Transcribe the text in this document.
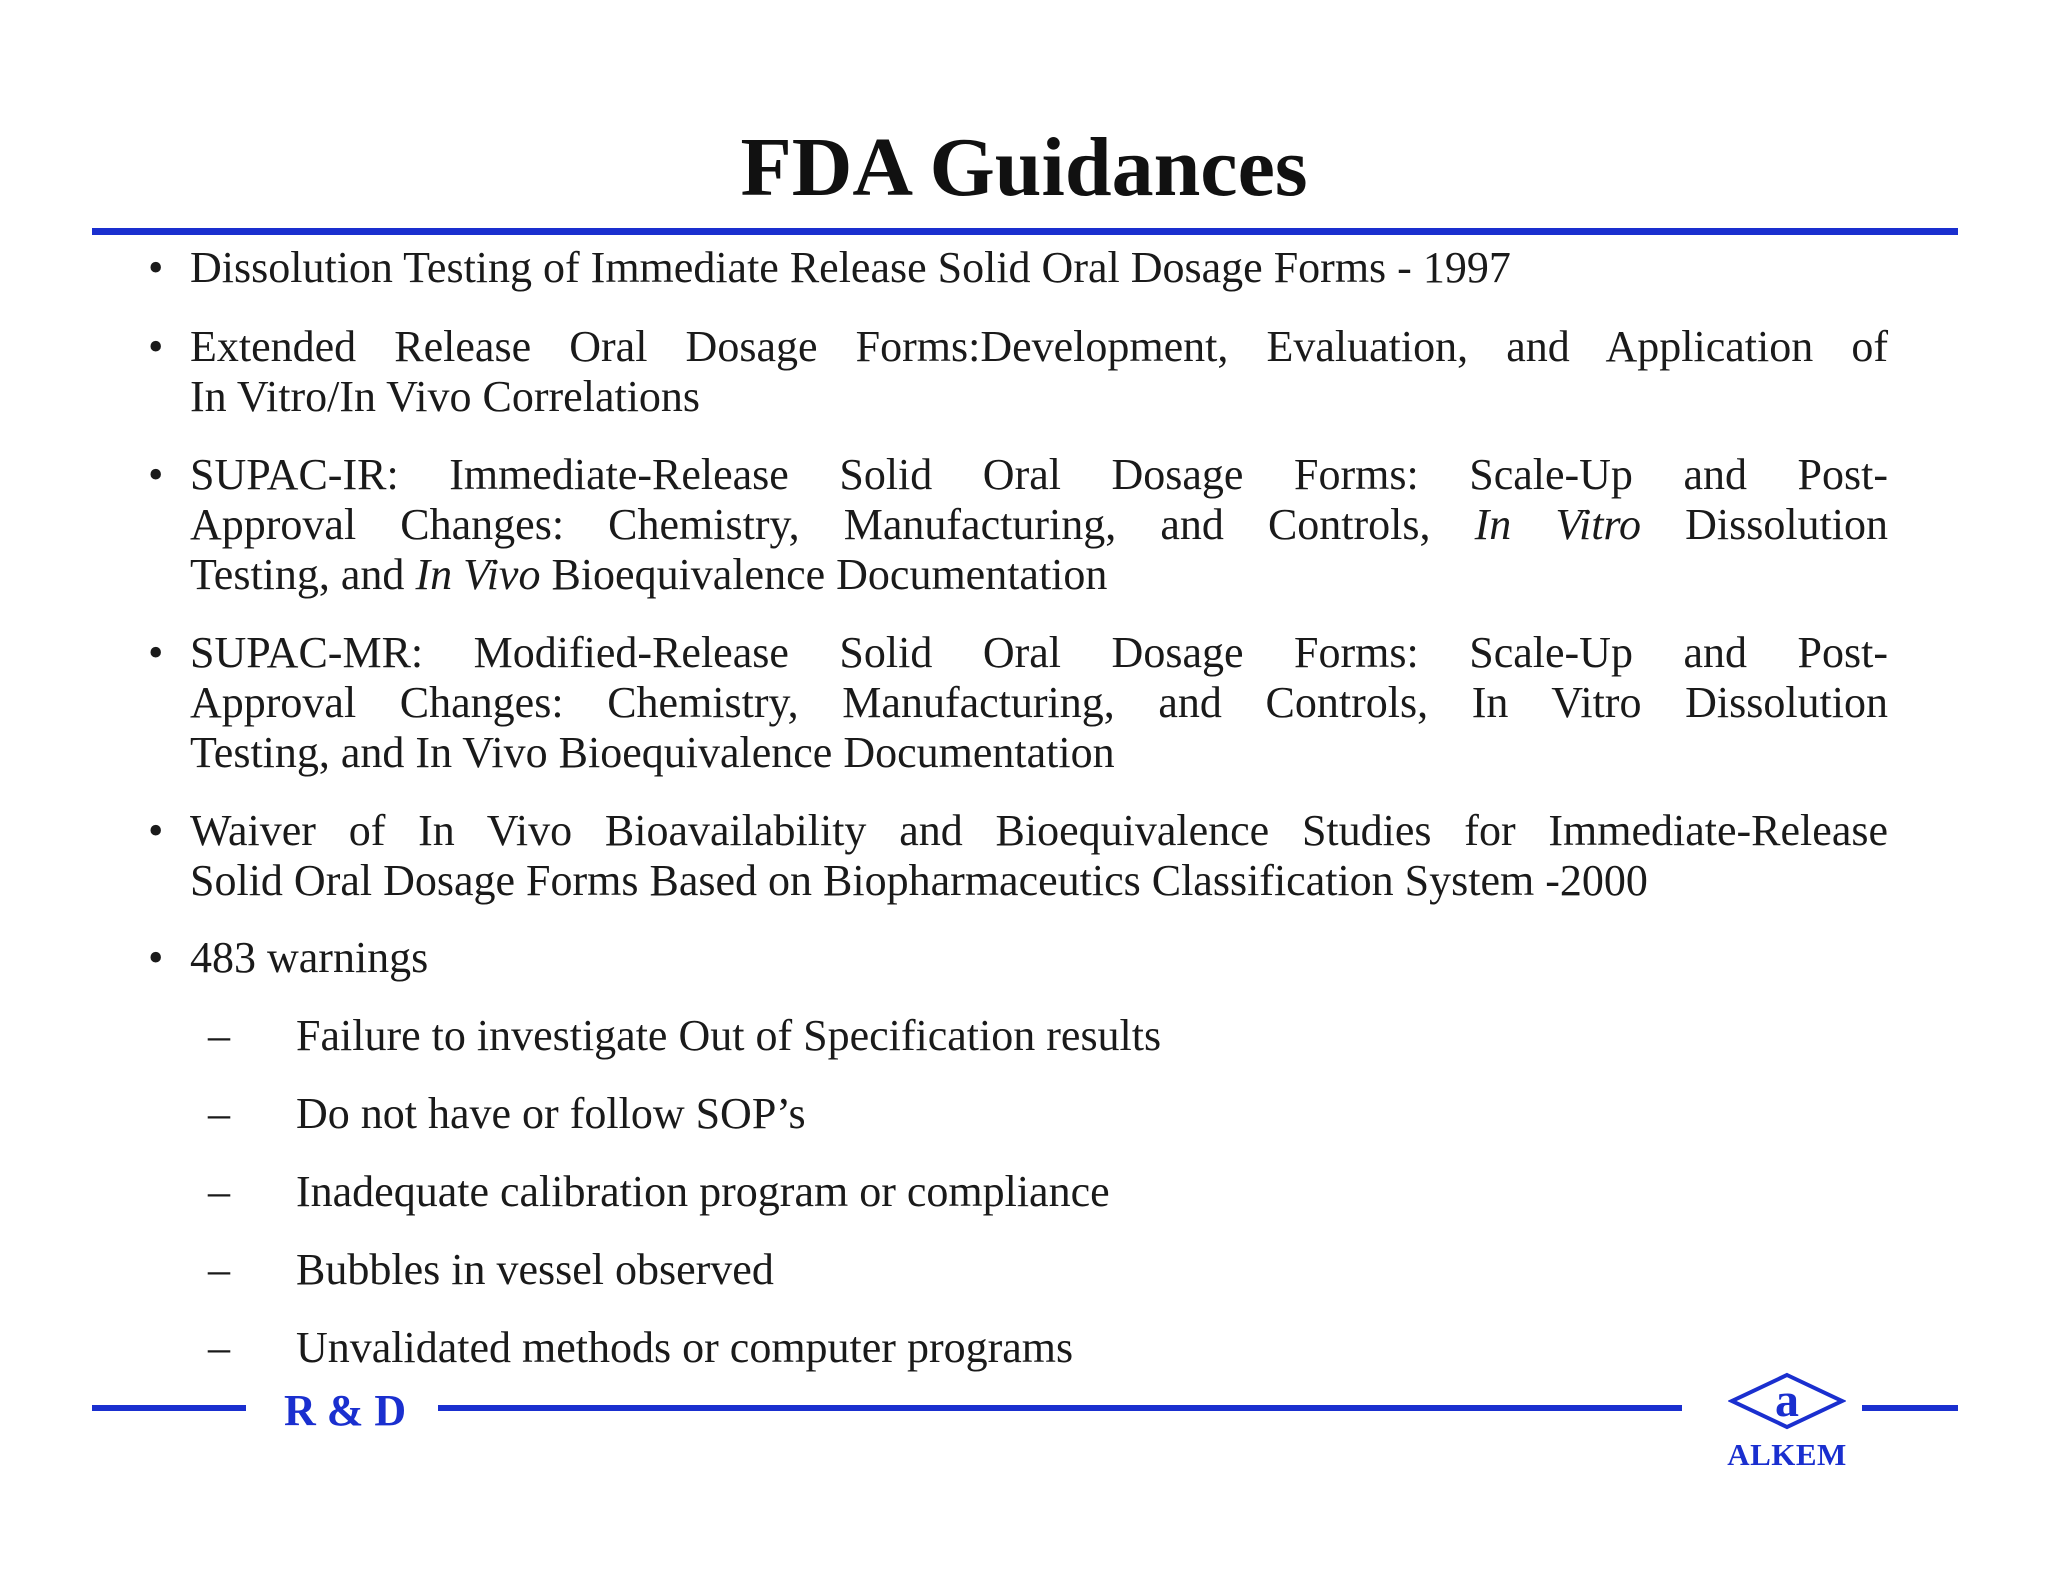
FDA Guidances
• Dissolution Testing of Immediate Release Solid Oral Dosage Forms - 1997
• Extended Release Oral Dosage Forms:Development, Evaluation, and Application of
In Vitro/In Vivo Correlations
• SUPAC-IR: Immediate-Release Solid Oral Dosage Forms: Scale-Up and Post-
Approval Changes: Chemistry, Manufacturing, and Controls, In Vitro Dissolution
Testing, and In Vivo Bioequivalence Documentation
• SUPAC-MR: Modified-Release Solid Oral Dosage Forms: Scale-Up and Post-
Approval Changes: Chemistry, Manufacturing, and Controls, In Vitro Dissolution
Testing, and In Vivo Bioequivalence Documentation
• Waiver of In Vivo Bioavailability and Bioequivalence Studies for Immediate-Release
Solid Oral Dosage Forms Based on Biopharmaceutics Classification System -2000
• 483 warnings
– Failure to investigate Out of Specification results
– Do not have or follow SOP’s
– Inadequate calibration program or compliance
– Bubbles in vessel observed
– Unvalidated methods or computer programs
R & D	a
ALKEM
